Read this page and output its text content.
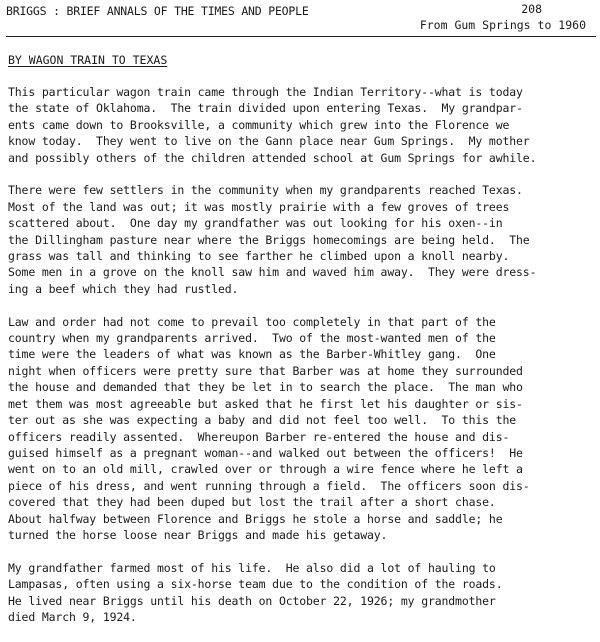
BRIGGS : BRIEF ANNALS OF THE TIMES AND PEOPLE	208
From Gum Springs to 1960
BY WAGON TRAIN TO TEXAS

This particular wagon train came through the Indian Territory--what is today
the state of Oklahoma.  The train divided upon entering Texas.  My grandpar-
ents came down to Brooksville, a community which grew into the Florence we
know today.  They went to live on the Gann place near Gum Springs.  My mother
and possibly others of the children attended school at Gum Springs for awhile.

There were few settlers in the community when my grandparents reached Texas.
Most of the land was out; it was mostly prairie with a few groves of trees
scattered about.  One day my grandfather was out looking for his oxen--in
the Dillingham pasture near where the Briggs homecomings are being held.  The
grass was tall and thinking to see farther he climbed upon a knoll nearby.
Some men in a grove on the knoll saw him and waved him away.  They were dress-
ing a beef which they had rustled.

Law and order had not come to prevail too completely in that part of the
country when my grandparents arrived.  Two of the most-wanted men of the
time were the leaders of what was known as the Barber-Whitley gang.  One
night when officers were pretty sure that Barber was at home they surrounded
the house and demanded that they be let in to search the place.  The man who
met them was most agreeable but asked that he first let his daughter or sis-
ter out as she was expecting a baby and did not feel too well.  To this the
officers readily assented.  Whereupon Barber re-entered the house and dis-
guised himself as a pregnant woman--and walked out between the officers!  He
went on to an old mill, crawled over or through a wire fence where he left a
piece of his dress, and went running through a field.  The officers soon dis-
covered that they had been duped but lost the trail after a short chase.
About halfway between Florence and Briggs he stole a horse and saddle; he
turned the horse loose near Briggs and made his getaway.

My grandfather farmed most of his life.  He also did a lot of hauling to
Lampasas, often using a six-horse team due to the condition of the roads.
He lived near Briggs until his death on October 22, 1926; my grandmother
died March 9, 1924.
